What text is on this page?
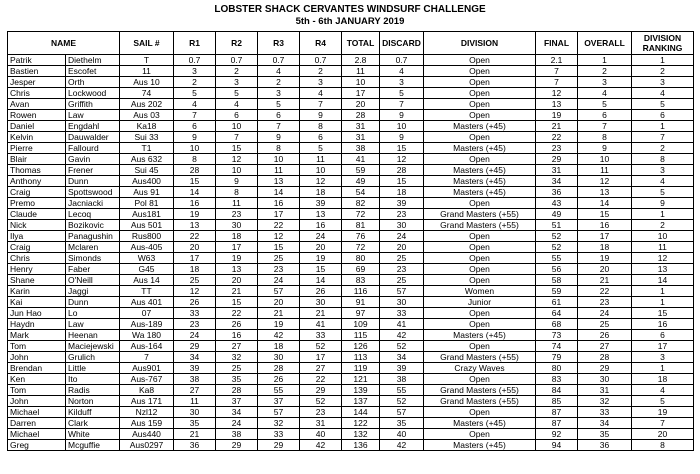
LOBSTER SHACK CERVANTES WINDSURF CHALLENGE
5th - 6th JANUARY 2019
NAME		SAIL #	R1	R2	R3	R4	TOTAL	DISCARD	DIVISION	FINAL	OVERALL	DIVISION RANKING
Patrik	Diethelm	T	0.7	0.7	0.7	0.7	2.8	0.7	Open	2.1	1	1
Bastien	Escofet	11	3	2	4	2	11	4	Open	7	2	2
Jesper	Orth	Aus 10	2	3	2	3	10	3	Open	7	3	3
Chris	Lockwood	74	5	5	3	4	17	5	Open	12	4	4
Avan	Griffith	Aus 202	4	4	5	7	20	7	Open	13	5	5
Rowen	Law	Aus 03	7	6	6	9	28	9	Open	19	6	6
Daniel	Engdahl	Ka18	6	10	7	8	31	10	Masters (+45)	21	7	1
Kelvin	Dauwalder	Sui 33	9	7	9	6	31	9	Open	22	8	7
Pierre	Fallourd	T1	10	15	8	5	38	15	Masters (+45)	23	9	2
Blair	Gavin	Aus 632	8	12	10	11	41	12	Open	29	10	8
Thomas	Frener	Sui 45	28	10	11	10	59	28	Masters (+45)	31	11	3
Anthony	Dunn	Aus400	15	9	13	12	49	15	Masters (+45)	34	12	4
Craig	Spottswood	Aus 91	14	8	14	18	54	18	Masters (+45)	36	13	5
Premo	Jacniacki	Pol 81	16	11	16	39	82	39	Open	43	14	9
Claude	Lecoq	Aus181	19	23	17	13	72	23	Grand Masters (+55)	49	15	1
Nick	Bozikovic	Aus 501	13	30	22	16	81	30	Grand Masters (+55)	51	16	2
Ilya	Panagushin	Rus800	22	18	12	24	76	24	Open	52	17	10
Craig	Mclaren	Aus-405	20	17	15	20	72	20	Open	52	18	11
Chris	Simonds	W63	17	19	25	19	80	25	Open	55	19	12
Henry	Faber	G45	18	13	23	15	69	23	Open	56	20	13
Shane	O'Neill	Aus 14	25	20	24	14	83	25	Open	58	21	14
Karin	Jaggi	TT	12	21	57	26	116	57	Women	59	22	1
Kai	Dunn	Aus 401	26	15	20	30	91	30	Junior	61	23	1
Jun Hao	Lo	07	33	22	21	21	97	33	Open	64	24	15
Haydn	Law	Aus-189	23	26	19	41	109	41	Open	68	25	16
Mark	Heenan	Wa 180	24	16	42	33	115	42	Masters (+45)	73	26	6
Tom	Maciejewski	Aus-164	29	27	18	52	126	52	Open	74	27	17
John	Grulich	7	34	32	30	17	113	34	Grand Masters (+55)	79	28	3
Brendan	Little	Aus901	39	25	28	27	119	39	Crazy Waves	80	29	1
Ken	Ito	Aus-767	38	35	26	22	121	38	Open	83	30	18
Tom	Radis	Ka8	27	28	55	29	139	55	Grand Masters (+55)	84	31	4
John	Norton	Aus 171	11	37	37	52	137	52	Grand Masters (+55)	85	32	5
Michael	Kilduff	Nzl12	30	34	57	23	144	57	Open	87	33	19
Darren	Clark	Aus 159	35	24	32	31	122	35	Masters (+45)	87	34	7
Michael	White	Aus440	21	38	33	40	132	40	Open	92	35	20
Greg	Mcguffie	Aus0297	36	29	29	42	136	42	Masters (+45)	94	36	8
